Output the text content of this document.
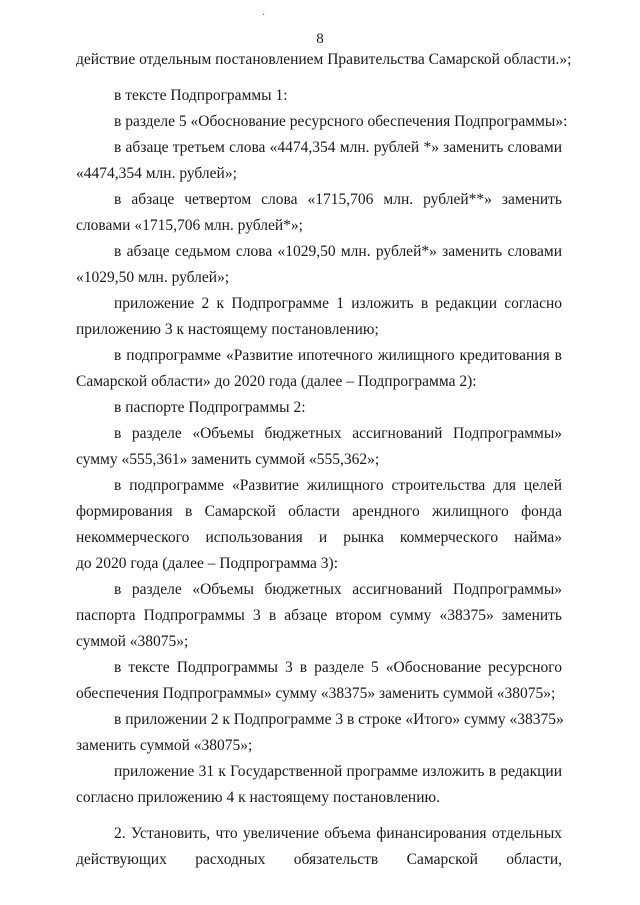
·
8
действие отдельным постановлением Правительства Самарской области.»;
в тексте Подпрограммы 1:
в разделе 5 «Обоснование ресурсного обеспечения Подпрограммы»:
в абзаце третьем слова «4474,354 млн. рублей *» заменить словами
«4474,354 млн. рублей»;
в абзаце четвертом слова «1715,706 млн. рублей**» заменить
словами «1715,706 млн. рублей*»;
в абзаце седьмом слова «1029,50 млн. рублей*» заменить словами
«1029,50 млн. рублей»;
приложение 2 к Подпрограмме 1 изложить в редакции согласно
приложению 3 к настоящему постановлению;
в подпрограмме «Развитие ипотечного жилищного кредитования в
Самарской области» до 2020 года (далее – Подпрограмма 2):
в паспорте Подпрограммы 2:
в разделе «Объемы бюджетных ассигнований Подпрограммы»
сумму «555,361» заменить суммой «555,362»;
в подпрограмме «Развитие жилищного строительства для целей
формирования в Самарской области арендного жилищного фонда
некоммерческого использования и рынка коммерческого найма»
до 2020 года (далее – Подпрограмма 3):
в разделе «Объемы бюджетных ассигнований Подпрограммы»
паспорта Подпрограммы 3 в абзаце втором сумму «38375» заменить
суммой «38075»;
в тексте Подпрограммы 3 в разделе 5 «Обоснование ресурсного
обеспечения Подпрограммы» сумму «38375» заменить суммой «38075»;
в приложении 2 к Подпрограмме 3 в строке «Итого» сумму «38375»
заменить суммой «38075»;
приложение 31 к Государственной программе изложить в редакции
согласно приложению 4 к настоящему постановлению.
2. Установить, что увеличение объема финансирования отдельных
действующих расходных обязательств Самарской области,
